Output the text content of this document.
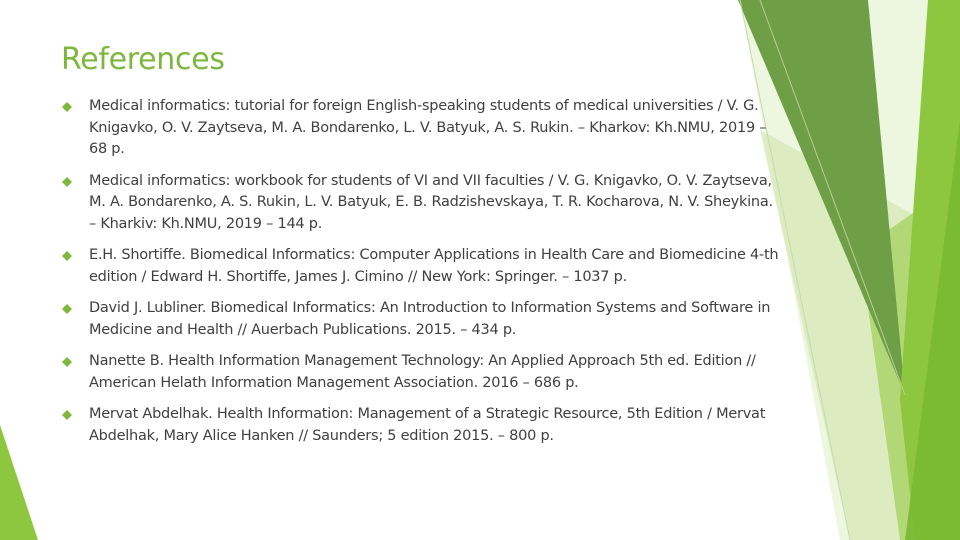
References
Medical informatics: tutorial for foreign English-speaking students of medical universities / V. G. Knigavko, O. V. Zaytseva, M. A. Bondarenko, L. V. Batyuk, A. S. Rukin. – Kharkov: Kh.NMU, 2019 – 68 p.
Medical informatics: workbook for students of VI and VII faculties / V. G. Knigavko, O. V. Zaytseva, M. A. Bondarenko, A. S. Rukin, L. V. Batyuk, E. B. Radzishevskaya, T. R. Kocharova, N. V. Sheykina. – Kharkiv: Kh.NMU, 2019 – 144 p.
E.H. Shortiffe. Biomedical Informatics: Computer Applications in Health Care and Biomedicine 4-th edition / Edward H. Shortiffe, James J. Cimino // New York: Springer. – 1037 p.
David J. Lubliner. Biomedical Informatics: An Introduction to Information Systems and Software in Medicine and Health // Auerbach Publications. 2015. – 434 p.
Nanette B. Health Information Management Technology: An Applied Approach 5th ed. Edition // American Helath Information Management Association. 2016 – 686 p.
Mervat Abdelhak. Health Information: Management of a Strategic Resource, 5th Edition / Mervat Abdelhak, Mary Alice Hanken // Saunders; 5 edition 2015. – 800 p.
